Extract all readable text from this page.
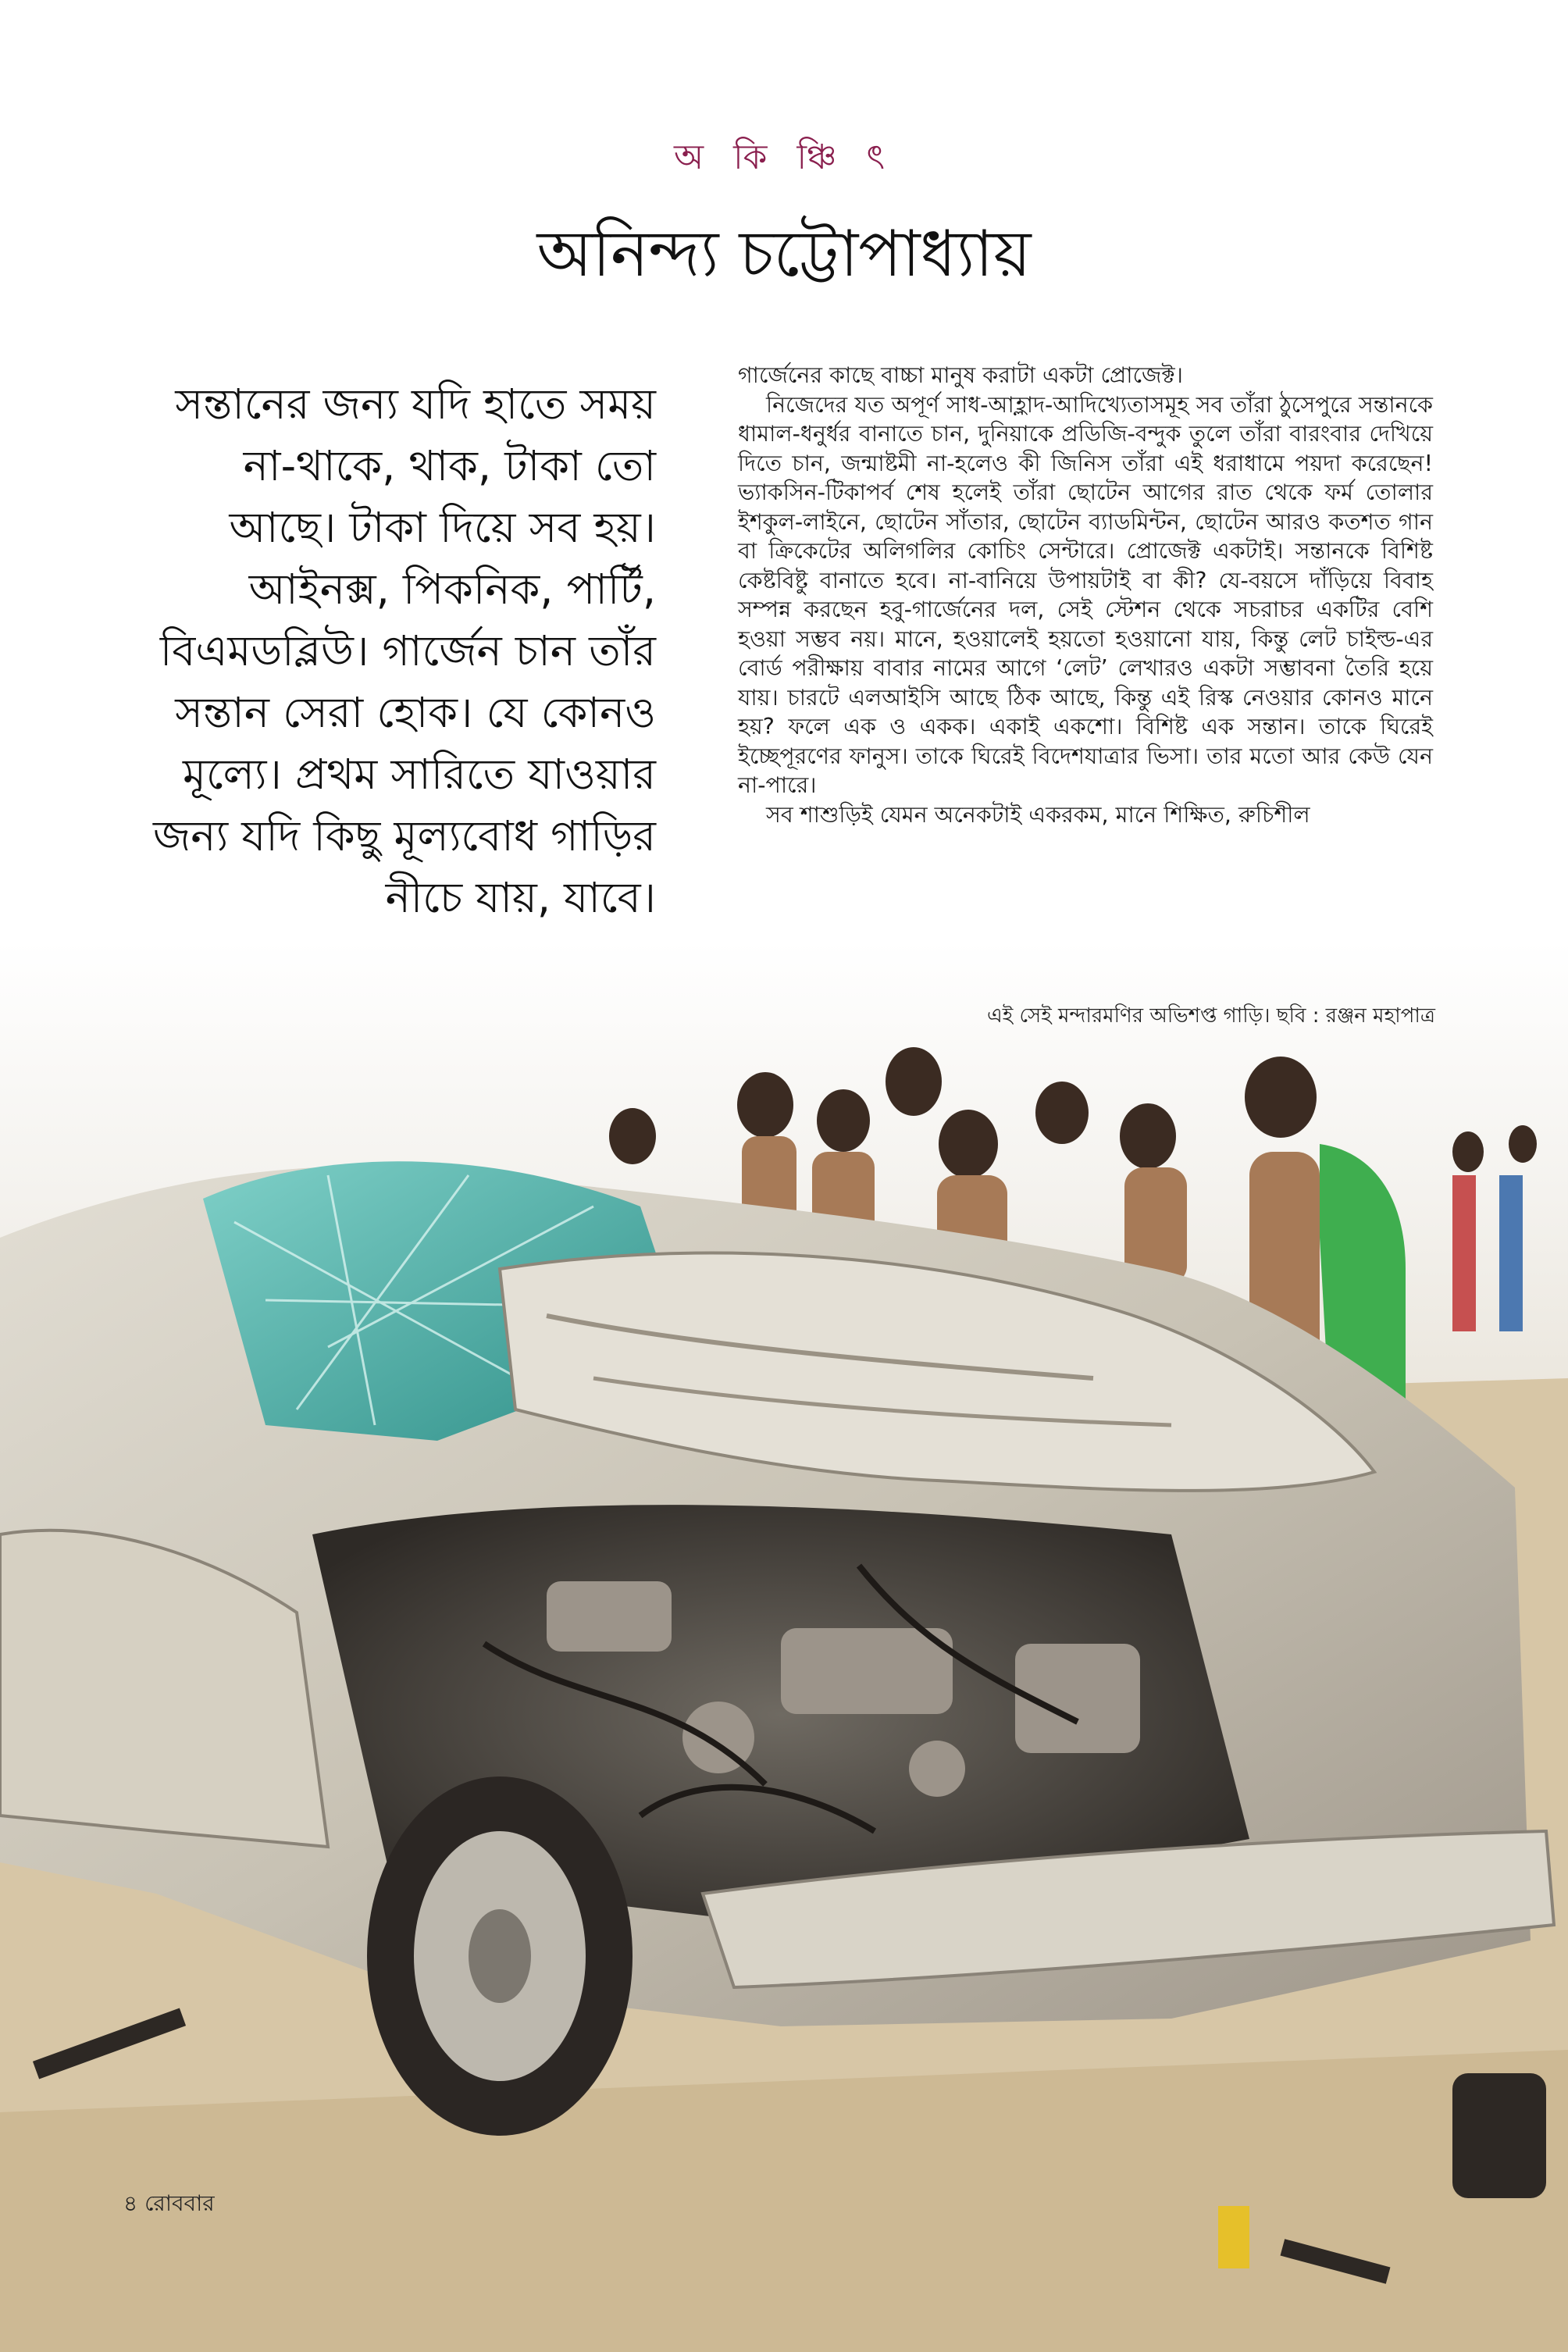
অ কি ঞ্চি ৎ
অনিন্দ্য চট্টোপাধ্যায়

সন্তানের জন্য যদি হাতে সময় না-থাকে, থাক, টাকা তো আছে। টাকা দিয়ে সব হয়। আইনক্স, পিকনিক, পার্টি, বিএমডব্লিউ। গার্জেন চান তাঁর সন্তান সেরা হোক। যে কোনও মূল্যে। প্রথম সারিতে যাওয়ার জন্য যদি কিছু মূল্যবোধ গাড়ির নীচে যায়, যাবে।

গার্জেনের কাছে বাচ্চা মানুষ করাটা একটা প্রোজেক্ট।

নিজেদের যত অপূর্ণ সাধ-আহ্লাদ-আদিখ্যেতাসমূহ সব তাঁরা ঠুসেপুরে সন্তানকে ধামাল-ধনুর্ধর বানাতে চান, দুনিয়াকে প্রডিজি-বন্দুক তুলে তাঁরা বারংবার দেখিয়ে দিতে চান, জন্মাষ্টমী না-হলেও কী জিনিস তাঁরা এই ধরাধামে পয়দা করেছেন! ভ্যাকসিন-টিকাপর্ব শেষ হলেই তাঁরা ছোটেন আগের রাত থেকে ফর্ম তোলার ইশকুল-লাইনে, ছোটেন সাঁতার, ছোটেন ব্যাডমিন্টন, ছোটেন আরও কতশত গান বা ক্রিকেটের অলিগলির কোচিং সেন্টারে। প্রোজেক্ট একটাই। সন্তানকে বিশিষ্ট কেষ্টবিষ্টু বানাতে হবে। না-বানিয়ে উপায়টাই বা কী? যে-বয়সে দাঁড়িয়ে বিবাহ সম্পন্ন করছেন হবু-গার্জেনের দল, সেই স্টেশন থেকে সচরাচর একটির বেশি হওয়া সম্ভব নয়। মানে, হওয়ালেই হয়তো হওয়ানো যায়, কিন্তু লেট চাইল্ড-এর বোর্ড পরীক্ষায় বাবার নামের আগে ‘লেট’ লেখারও একটা সম্ভাবনা তৈরি হয়ে যায়। চারটে এলআইসি আছে ঠিক আছে, কিন্তু এই রিস্ক নেওয়ার কোনও মানে হয়? ফলে এক ও একক। একাই একশো। বিশিষ্ট এক সন্তান। তাকে ঘিরেই ইচ্ছেপূরণের ফানুস। তাকে ঘিরেই বিদেশযাত্রার ভিসা। তার মতো আর কেউ যেন না-পারে।

সব শাশুড়িই যেমন অনেকটাই একরকম, মানে শিক্ষিত, রুচিশীল

এই সেই মন্দারমণির অভিশপ্ত গাড়ি। ছবি : রঞ্জন মহাপাত্র
৪ রোববার
